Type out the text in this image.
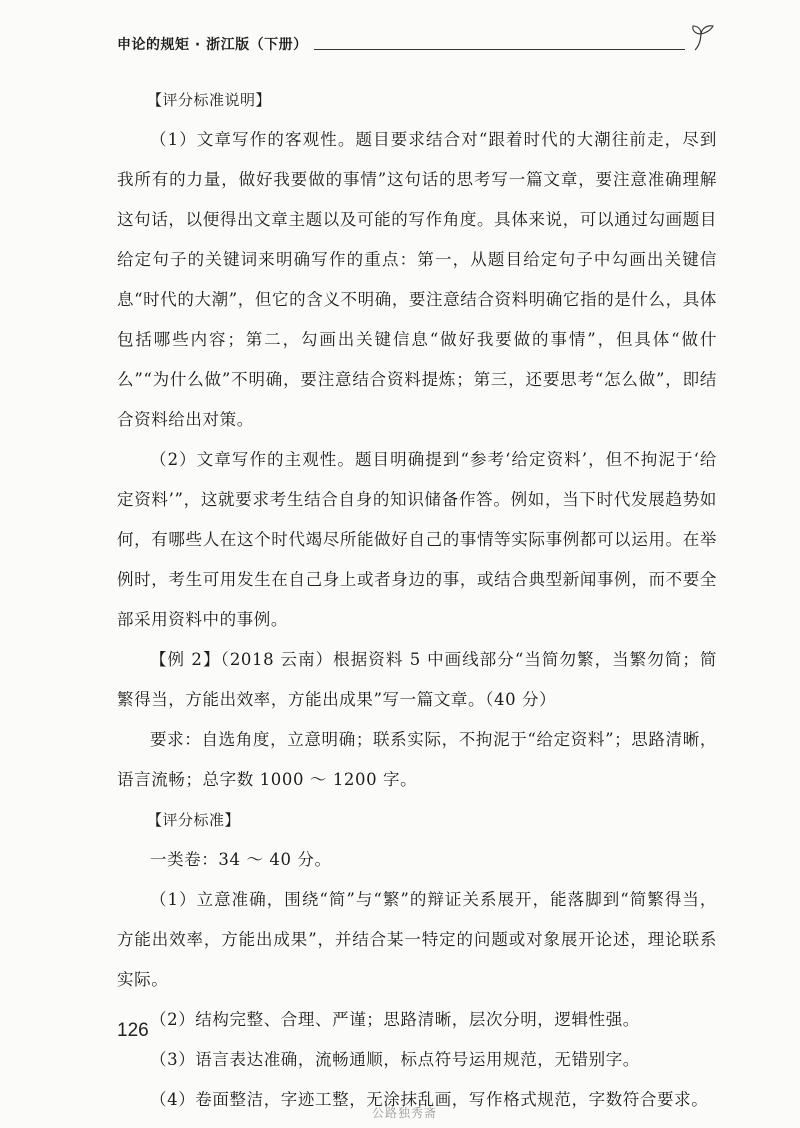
申论的规矩 · 浙江版（下册）

【评分标准说明】

（1）文章写作的客观性。题目要求结合对“跟着时代的大潮往前走，尽到我所有的力量，做好我要做的事情”这句话的思考写一篇文章，要注意准确理解这句话，以便得出文章主题以及可能的写作角度。具体来说，可以通过勾画题目给定句子的关键词来明确写作的重点：第一，从题目给定句子中勾画出关键信息“时代的大潮”，但它的含义不明确，要注意结合资料明确它指的是什么，具体包括哪些内容；第二，勾画出关键信息“做好我要做的事情”，但具体“做什么”“为什么做”不明确，要注意结合资料提炼；第三，还要思考“怎么做”，即结合资料给出对策。

（2）文章写作的主观性。题目明确提到“参考‘给定资料’，但不拘泥于‘给定资料’”，这就要求考生结合自身的知识储备作答。例如，当下时代发展趋势如何，有哪些人在这个时代竭尽所能做好自己的事情等实际事例都可以运用。在举例时，考生可用发生在自己身上或者身边的事，或结合典型新闻事例，而不要全部采用资料中的事例。

【例 2】（2018 云南）根据资料 5 中画线部分“当简勿繁，当繁勿简；简繁得当，方能出效率，方能出成果”写一篇文章。（40 分）

要求：自选角度，立意明确；联系实际，不拘泥于“给定资料”；思路清晰，语言流畅；总字数 1000 ～ 1200 字。

【评分标准】

一类卷：34 ～ 40 分。

（1）立意准确，围绕“简”与“繁”的辩证关系展开，能落脚到“简繁得当，方能出效率，方能出成果”，并结合某一特定的问题或对象展开论述，理论联系实际。

（2）结构完整、合理、严谨；思路清晰，层次分明，逻辑性强。

（3）语言表达准确，流畅通顺，标点符号运用规范，无错别字。

（4）卷面整洁，字迹工整，无涂抹乱画，写作格式规范，字数符合要求。

126
公路独秀斋
